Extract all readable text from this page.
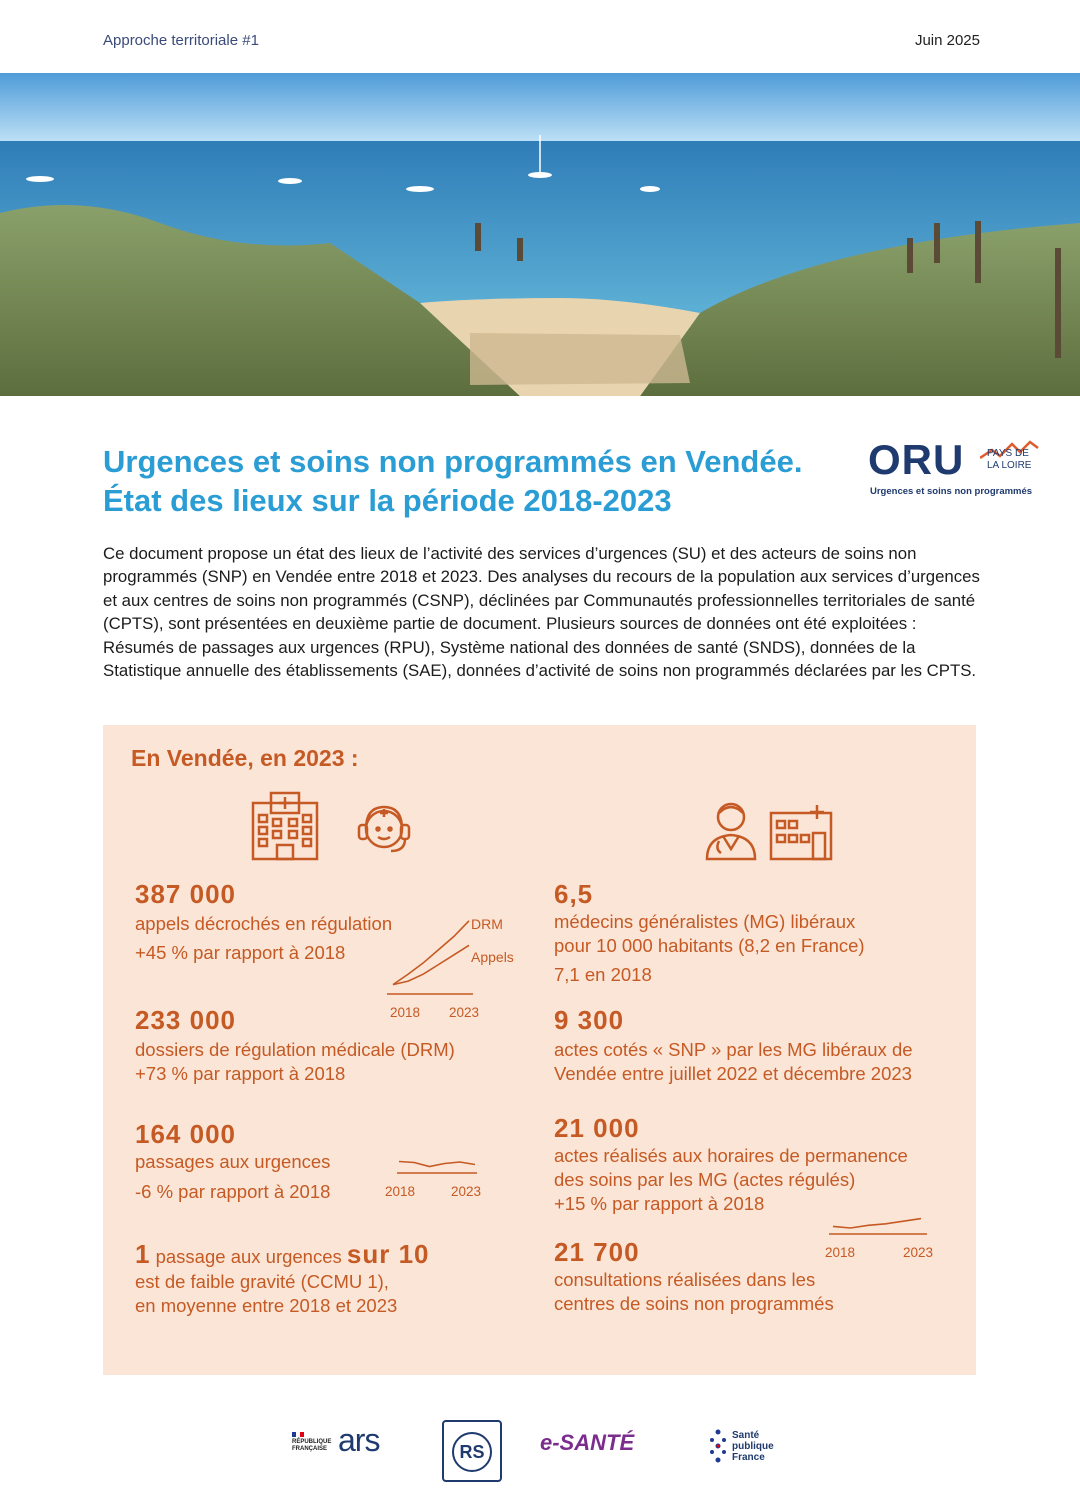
Approche territoriale #1	Juin 2025
Urgences et soins non programmés en Vendée.
État des lieux sur la période 2018-2023
ORU PAYS DE
LA LOIRE
Urgences et soins non programmés

Ce document propose un état des lieux de l’activité des services d’urgences (SU) et des acteurs de soins non programmés (SNP) en Vendée entre 2018 et 2023. Des analyses du recours de la population aux services d’urgences et aux centres de soins non programmés (CSNP), déclinées par Communautés professionnelles territoriales de santé (CPTS), sont présentées en deuxième partie de document. Plusieurs sources de données ont été exploitées : Résumés de passages aux urgences (RPU), Système national des données de santé (SNDS), données de la Statistique annuelle des établissements (SAE), données d’activité de soins non programmés déclarées par les CPTS.

En Vendée, en 2023 :
387 000
appels décrochés en régulation
+45 % par rapport à 2018
233 000
dossiers de régulation médicale (DRM)
+73 % par rapport à 2018
164 000
passages aux urgences
-6 % par rapport à 2018
1 passage aux urgences sur 10
est de faible gravité (CCMU 1),
en moyenne entre 2018 et 2023
6,5
médecins généralistes (MG) libéraux
pour 10 000 habitants (8,2 en France)
7,1 en 2018
9 300
actes cotés « SNP » par les MG libéraux de
Vendée entre juillet 2022 et décembre 2023
21 000
actes réalisés aux horaires de permanence
des soins par les MG (actes régulés)
+15 % par rapport à 2018
21 700
consultations réalisées dans les
centres de soins non programmés
2018 2023
DRM
Appels
2018	2023
2018	2023
RÉPUBLIQUE FRANÇAISE ars	RS	e-SANTÉ	Santé publique France
